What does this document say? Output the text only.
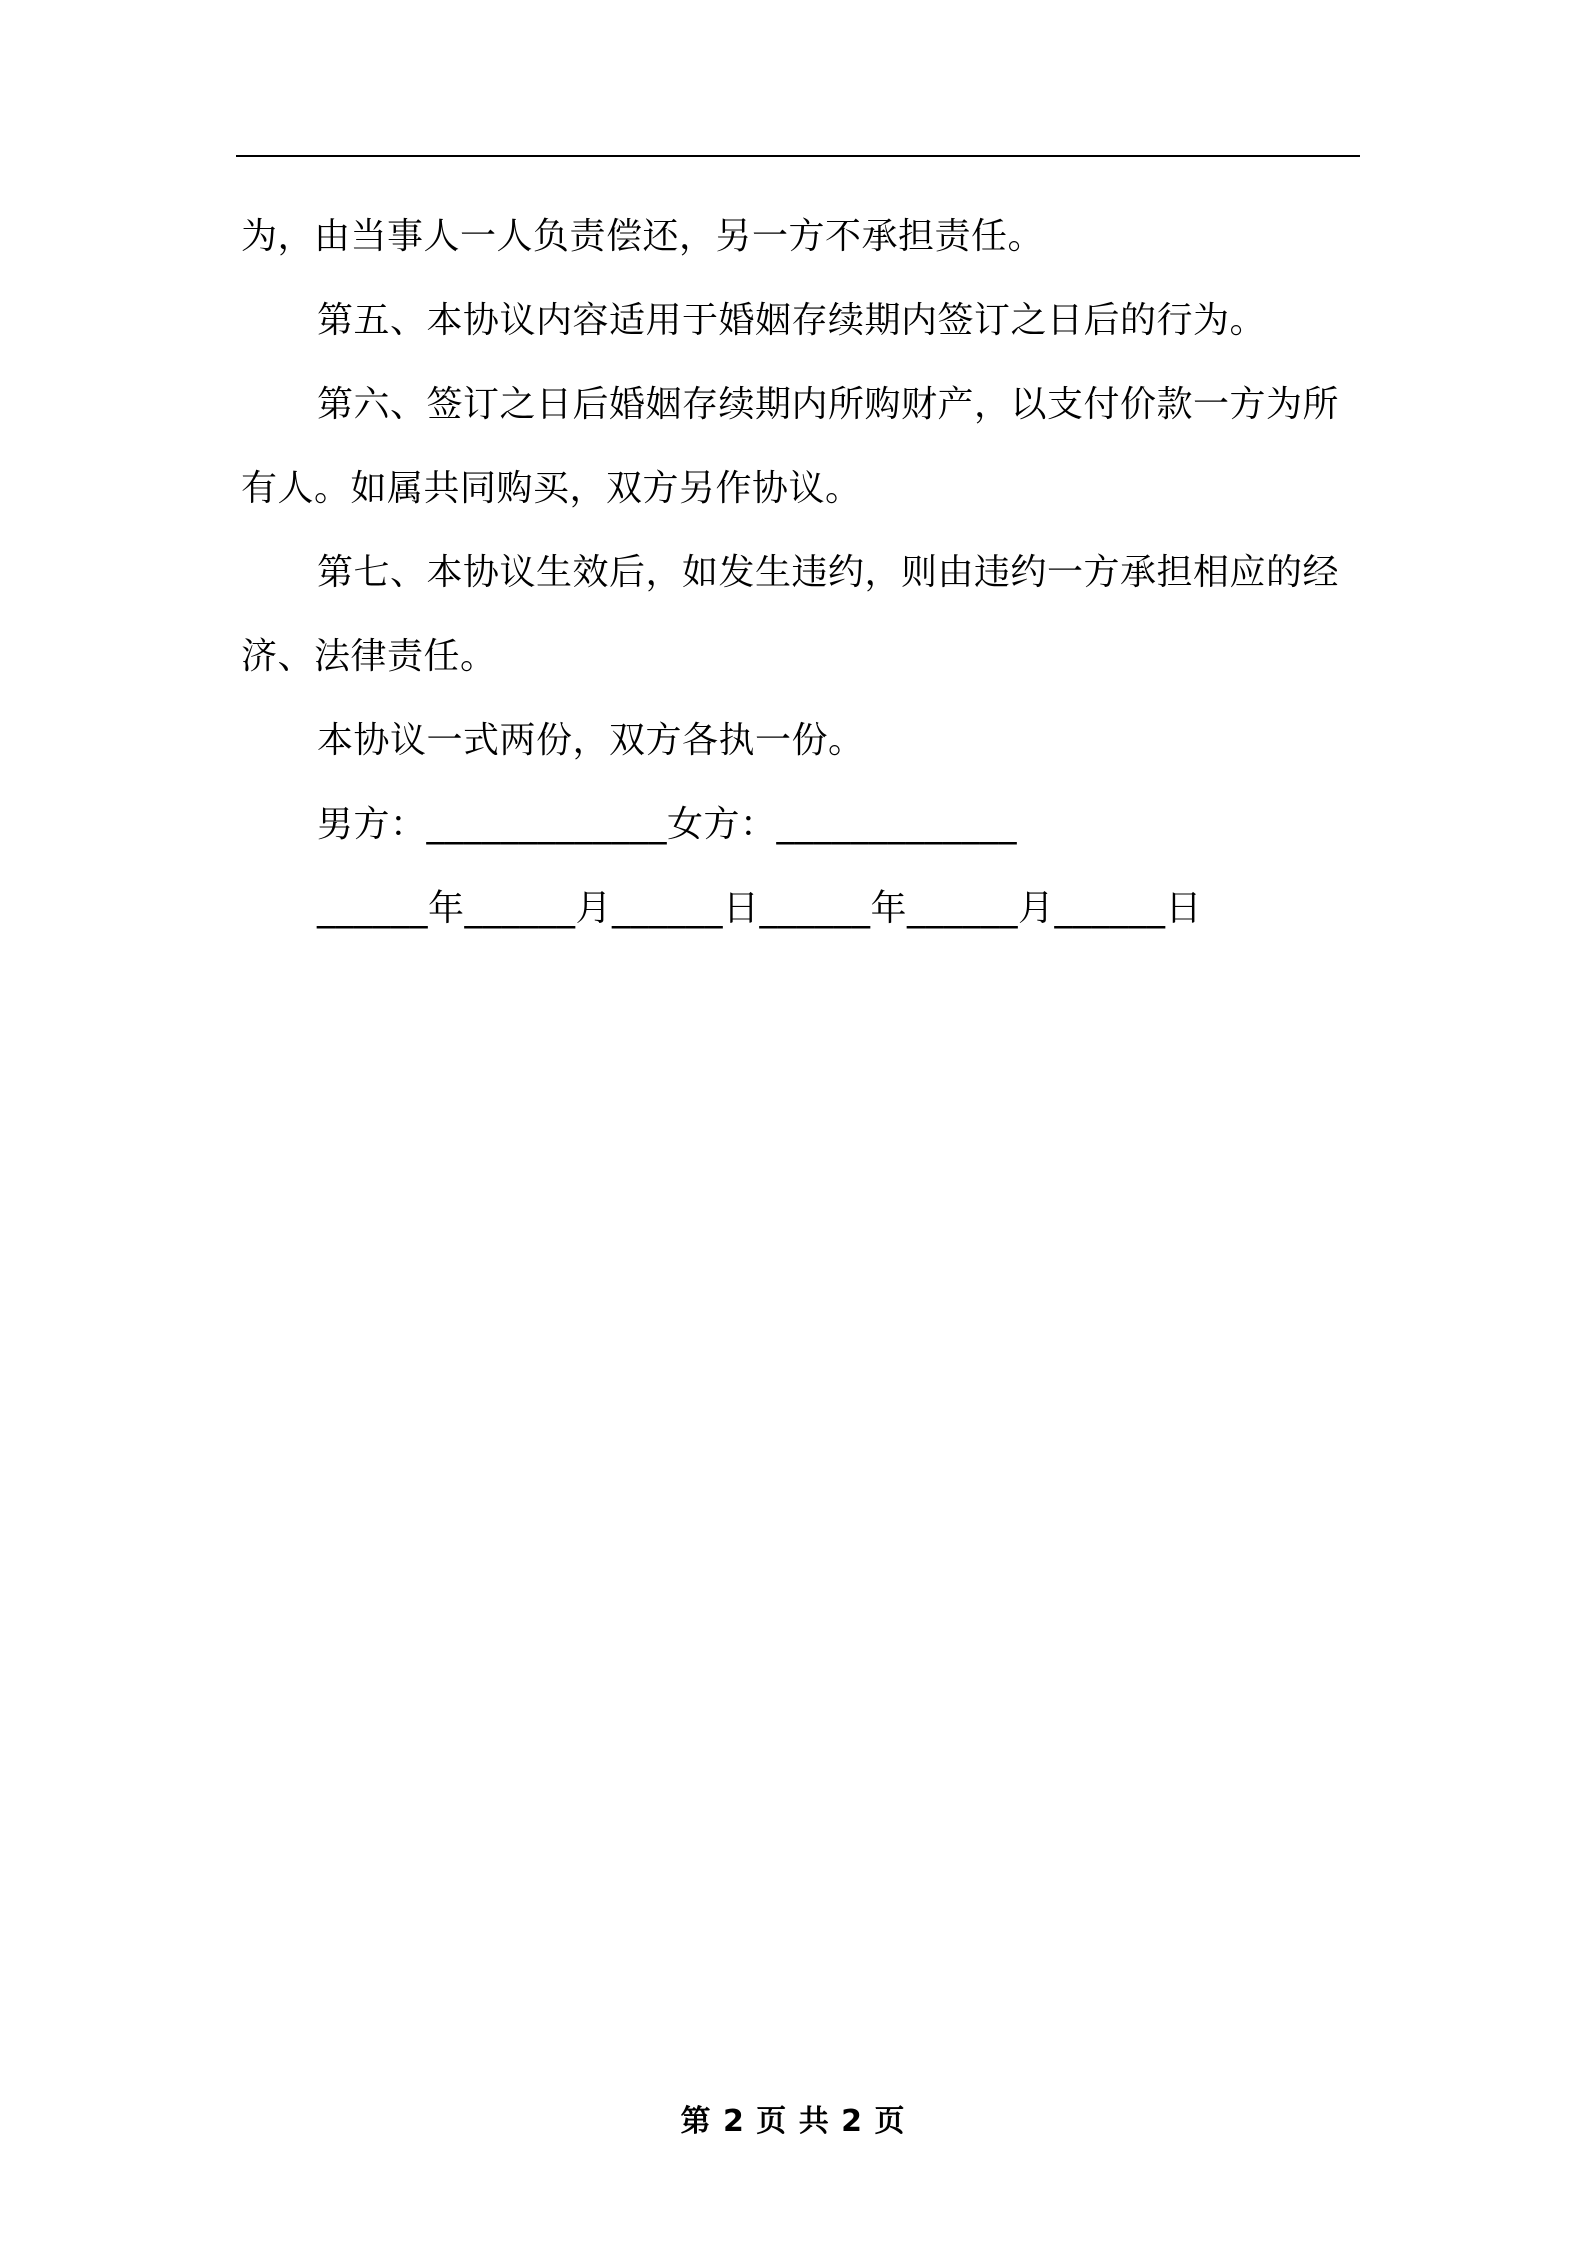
为，由当事人一人负责偿还，另一方不承担责任。
第五、本协议内容适用于婚姻存续期内签订之日后的行为。
第六、签订之日后婚姻存续期内所购财产，以支付价款一方为所
有人。如属共同购买，双方另作协议。
第七、本协议生效后，如发生违约，则由违约一方承担相应的经
济、法律责任。
本协议一式两份，双方各执一份。
男方：_____________女方：_____________
______年______月______日______年______月______日
第 2 页 共 2 页
